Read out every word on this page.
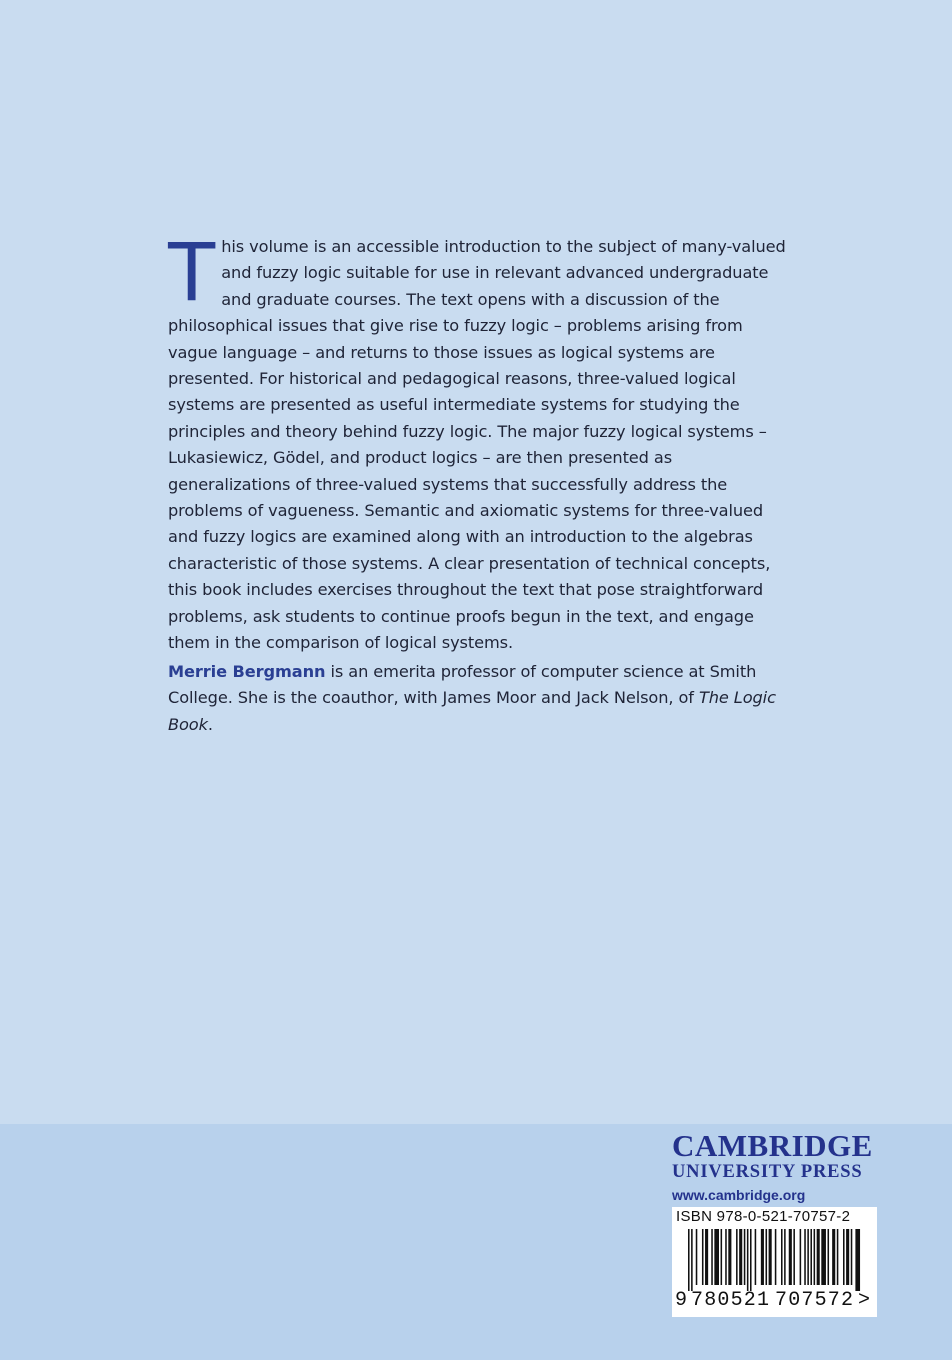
This volume is an accessible introduction to the subject of many-valued and fuzzy logic suitable for use in relevant advanced undergraduate and graduate courses. The text opens with a discussion of the philosophical issues that give rise to fuzzy logic – problems arising from vague language – and returns to those issues as logical systems are presented. For historical and pedagogical reasons, three-valued logical systems are presented as useful intermediate systems for studying the principles and theory behind fuzzy logic. The major fuzzy logical systems – Lukasiewicz, Gödel, and product logics – are then presented as generalizations of three-valued systems that successfully address the problems of vagueness. Semantic and axiomatic systems for three-valued and fuzzy logics are examined along with an introduction to the algebras characteristic of those systems. A clear presentation of technical concepts, this book includes exercises throughout the text that pose straightforward problems, ask students to continue proofs begun in the text, and engage them in the comparison of logical systems.

Merrie Bergmann is an emerita professor of computer science at Smith College. She is the coauthor, with James Moor and Jack Nelson, of The Logic Book.

CAMBRIDGE
UNIVERSITY PRESS
www.cambridge.org
ISBN 978-0-521-70757-2
9 780521 707572 >
